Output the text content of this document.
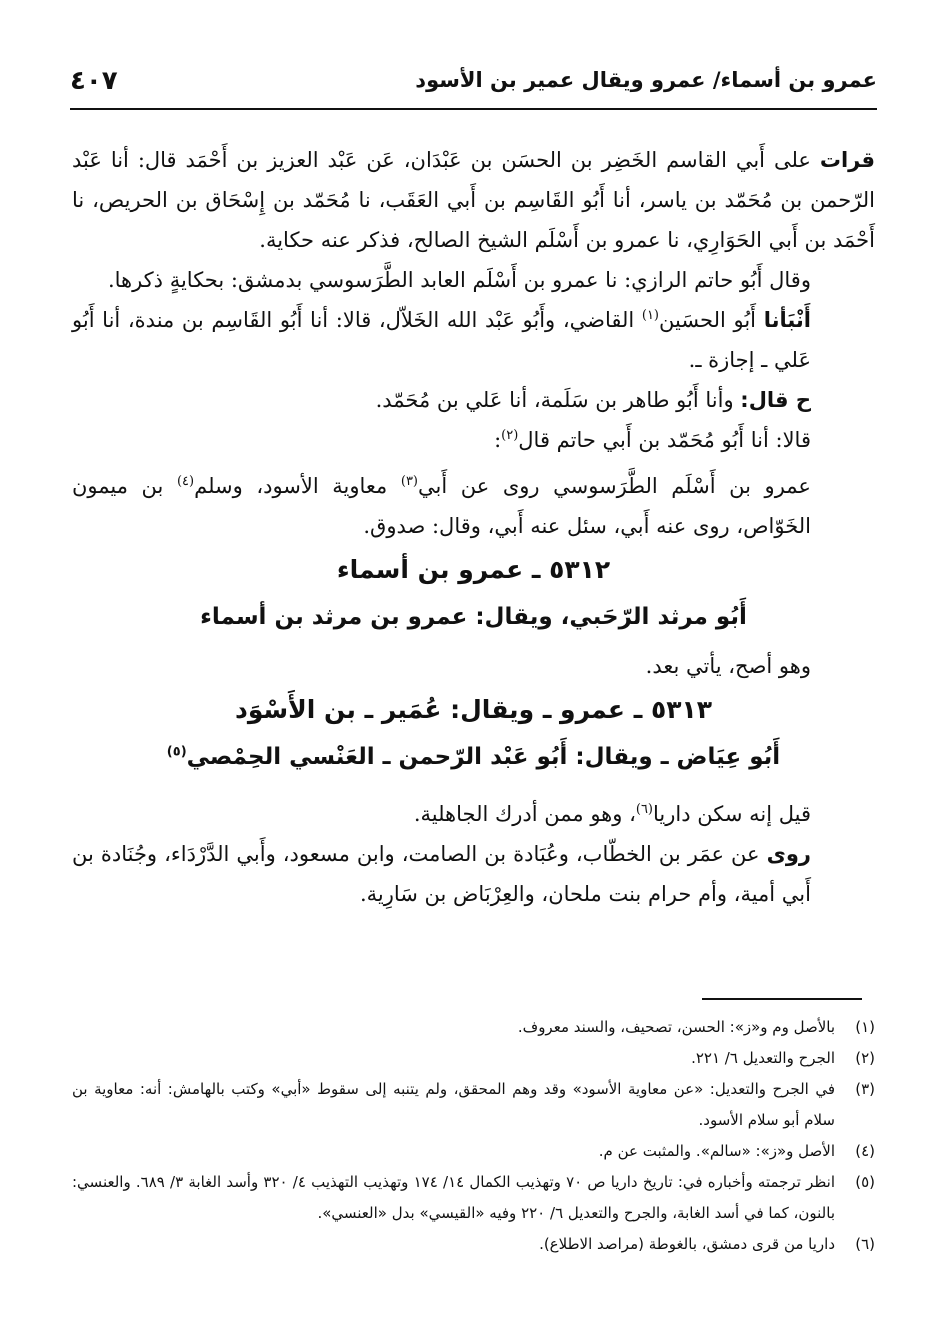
٤٠٧	عمرو بن أسماء/ عمرو ويقال عمير بن الأسود

قرات على أَبي القاسم الخَضِر بن الحسَن بن عَبْدَان، عَن عَبْد العزيز بن أَحْمَد قال: أنا عَبْد الرّحمن بن مُحَمّد بن ياسر، أنا أَبُو القَاسِم بن أَبي العَقَب، نا مُحَمّد بن إِسْحَاق بن الحريص، نا أَحْمَد بن أَبي الحَوَارِي، نا عمرو بن أَسْلَم الشيخ الصالح، فذكر عنه حكاية.

وقال أَبُو حاتم الرازي: نا عمرو بن أَسْلَم العابد الطَّرَسوسي بدمشق: بحكايةٍ ذكرها.

أَنْبَأنا أَبُو الحسَين$^{(١)}$ القاضي، وأَبُو عَبْد الله الخَلاّل، قالا: أنا أَبُو القَاسِم بن مندة، أنا أَبُو عَلي ـ إجازة ـ.

ح قال: وأنا أَبُو طاهر بن سَلَمة، أنا عَلي بن مُحَمّد.

قالا: أنا أَبُو مُحَمّد بن أَبي حاتم قال$^{(٢)}$:

عمرو بن أَسْلَم الطَّرَسوسي روى عن أَبي$^{(٣)}$ معاوية الأسود، وسلم$^{(٤)}$ بن ميمون الخَوّاص، روى عنه أَبي، سئل عنه أَبي، وقال: صدوق.

٥٣١٢ ـ عمرو بن أسماء
أَبُو مرثد الرّحَبي، ويقال: عمرو بن مرثد بن أسماء

وهو أصح، يأتي بعد.

٥٣١٣ ـ عمرو ـ ويقال: عُمَير ـ بن الأَسْوَد
أَبُو عِيَاض ـ ويقال: أَبُو عَبْد الرّحمن ـ العَنْسي الحِمْصي$^{(٥)}$

قيل إنه سكن داريا$^{(٦)}$، وهو ممن أدرك الجاهلية.

روى عن عمَر بن الخطّاب، وعُبَادة بن الصامت، وابن مسعود، وأَبي الدَّرْدَاء، وجُنَادة بن أَبي أمية، وأم حرام بنت ملحان، والعِرْبَاض بن سَارِية.

(١)
بالأصل وم و«ز»: الحسن، تصحيف، والسند معروف.

(٢)
الجرح والتعديل ٦/ ٢٢١.

(٣)
في الجرح والتعديل: «عن معاوية الأسود» وقد وهم المحقق، ولم يتنبه إلى سقوط «أبي» وكتب بالهامش: أنه: معاوية بن سلام أبو سلام الأسود.

(٤)
الأصل و«ز»: «سالم». والمثبت عن م.

(٥)
انظر ترجمته وأخباره في: تاريخ داريا ص ٧٠ وتهذيب الكمال ١٤/ ١٧٤ وتهذيب التهذيب ٤/ ٣٢٠ وأسد الغابة ٣/ ٦٨٩. والعنسي: بالنون، كما في أسد الغابة، والجرح والتعديل ٦/ ٢٢٠ وفيه «القيسي» بدل «العنسي».

(٦)
داريا من قرى دمشق، بالغوطة (مراصد الاطلاع).
